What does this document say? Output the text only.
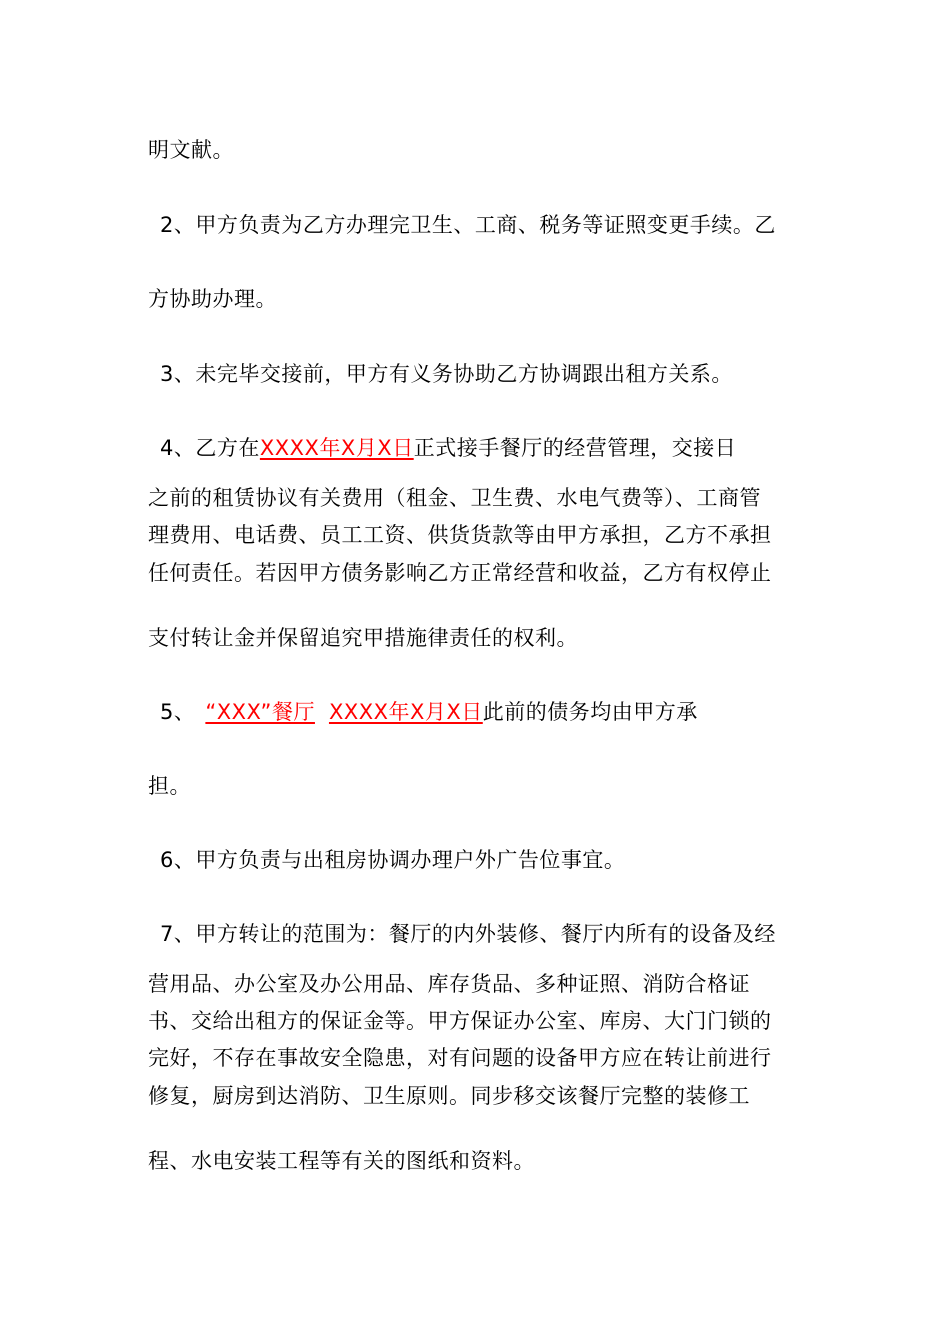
明文献。
2、甲方负责为乙方办理完卫生、工商、税务等证照变更手续。乙
方协助办理。
3、未完毕交接前，甲方有义务协助乙方协调跟出租方关系。
4、乙方在XXXX年X月X日正式接手餐厅的经营管理，交接日
之前的租赁协议有关费用（租金、卫生费、水电气费等）、工商管
理费用、电话费、员工工资、供货货款等由甲方承担，乙方不承担
任何责任。若因甲方债务影响乙方正常经营和收益，乙方有权停止
支付转让金并保留追究甲措施律责任的权利。
5、 “XXX”餐厅 XXXX年X月X日此前的债务均由甲方承
担。
6、甲方负责与出租房协调办理户外广告位事宜。
7、甲方转让的范围为：餐厅的内外装修、餐厅内所有的设备及经
营用品、办公室及办公用品、库存货品、多种证照、消防合格证
书、交给出租方的保证金等。甲方保证办公室、库房、大门门锁的
完好，不存在事故安全隐患，对有问题的设备甲方应在转让前进行
修复，厨房到达消防、卫生原则。同步移交该餐厅完整的装修工
程、水电安装工程等有关的图纸和资料。
